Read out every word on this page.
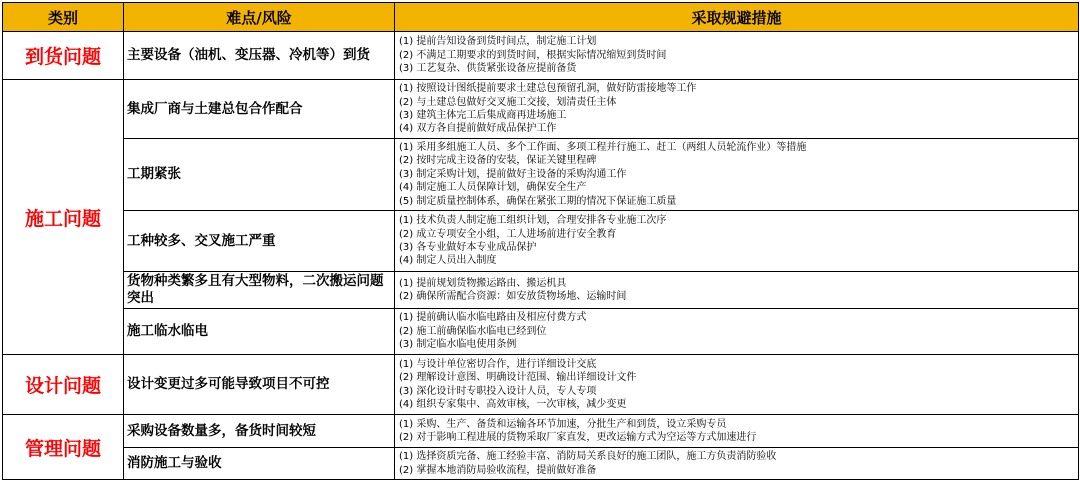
类别	难点/风险	采取规避措施
到货问题	主要设备（油机、变压器、冷机等）到货	(1) 提前告知设备到货时间点，制定施工计划
(2) 不满足工期要求的到货时间，根据实际情况缩短到货时间
(3) 工艺复杂、供货紧张设备应提前备货

施工问题	集成厂商与土建总包合作配合	(1) 按照设计图纸提前要求土建总包预留孔洞，做好防雷接地等工作
(2) 与土建总包做好交叉施工交接，划清责任主体
(3) 建筑主体完工后集成商再进场施工
(4) 双方各自提前做好成品保护工作

	工期紧张	(1) 采用多组施工人员、多个工作面、多项工程并行施工、赶工（两组人员轮流作业）等措施
(2) 按时完成主设备的安装，保证关键里程碑
(3) 制定采购计划，提前做好主设备的采购沟通工作
(4) 制定施工人员保障计划，确保安全生产
(5) 制定质量控制体系，确保在紧张工期的情况下保证施工质量

	工种较多、交叉施工严重	(1) 技术负责人制定施工组织计划，合理安排各专业施工次序
(2) 成立专项安全小组，工人进场前进行安全教育
(3) 各专业做好本专业成品保护
(4) 制定人员出入制度

	货物种类繁多且有大型物料，二次搬运问题突出	(1) 提前规划货物搬运路由、搬运机具
(2) 确保所需配合资源：如安放货物场地、运输时间

	施工临水临电	(1) 提前确认临水临电路由及相应付费方式
(2) 施工前确保临水临电已经到位
(3) 制定临水临电使用条例

设计问题	设计变更过多可能导致项目不可控	(1) 与设计单位密切合作，进行详细设计交底
(2) 理解设计意图、明确设计范围、输出详细设计文件
(3) 深化设计时专职投入设计人员，专人专项
(4) 组织专家集中、高效审核，一次审核，减少变更

管理问题	采购设备数量多，备货时间较短	(1) 采购、生产、备货和运输各环节加速，分批生产和到货，设立采购专员
(2) 对于影响工程进展的货物采取厂家直发，更改运输方式为空运等方式加速进行

	消防施工与验收	(1) 选择资质完备、施工经验丰富、消防局关系良好的施工团队，施工方负责消防验收
(2) 掌握本地消防局验收流程，提前做好准备
